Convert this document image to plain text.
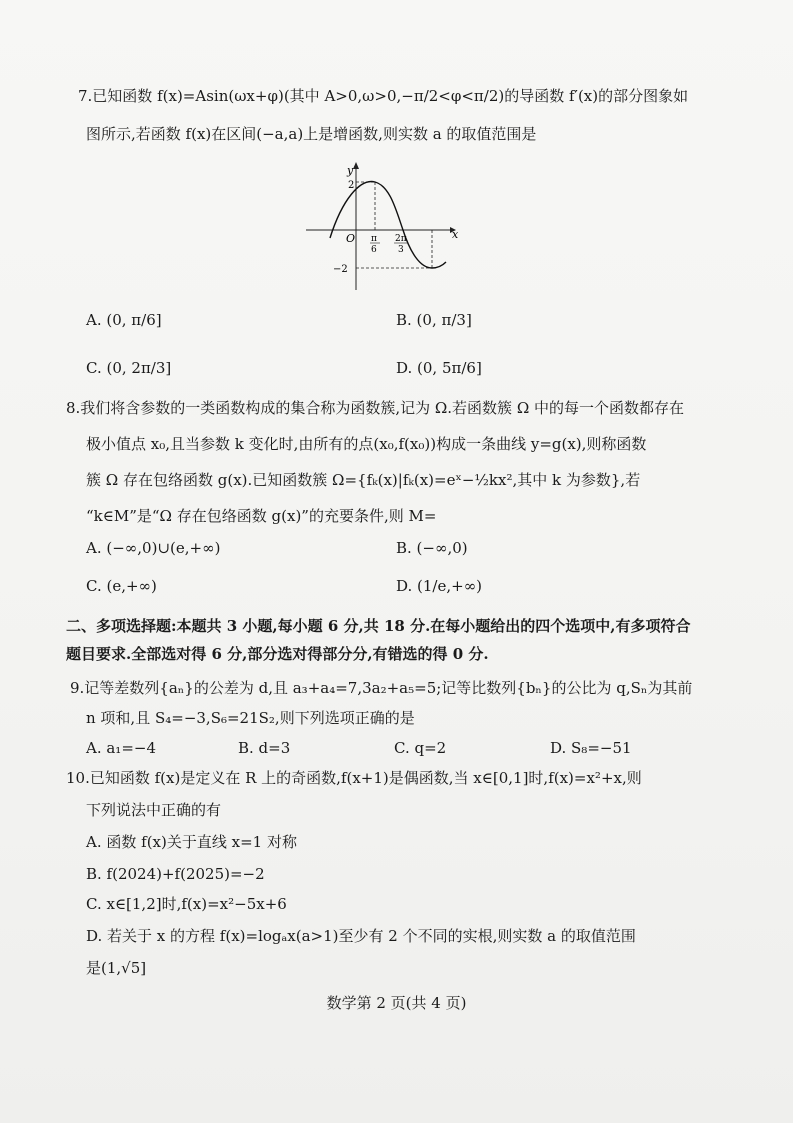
7.已知函数 f(x)=Asin(ωx+φ)(其中 A>0,ω>0,−π/2<φ<π/2)的导函数 f′(x)的部分图象如
图所示,若函数 f(x)在区间(−a,a)上是增函数,则实数 a 的取值范围是
y
2
x
O
−2
π
6
2π
3
A. (0, π/6]	B. (0, π/3]
C. (0, 2π/3]	D. (0, 5π/6]
8.我们将含参数的一类函数构成的集合称为函数簇,记为 Ω.若函数簇 Ω 中的每一个函数都存在
极小值点 x₀,且当参数 k 变化时,由所有的点(x₀,f(x₀))构成一条曲线 y=g(x),则称函数
簇 Ω 存在包络函数 g(x).已知函数簇 Ω={fₖ(x)|fₖ(x)=eˣ−½kx²,其中 k 为参数},若
“k∈M”是“Ω 存在包络函数 g(x)”的充要条件,则 M=
A. (−∞,0)∪(e,+∞)	B. (−∞,0)
C. (e,+∞)	D. (1/e,+∞)
二、多项选择题:本题共 3 小题,每小题 6 分,共 18 分.在每小题给出的四个选项中,有多项符合
题目要求.全部选对得 6 分,部分选对得部分分,有错选的得 0 分.
9.记等差数列{aₙ}的公差为 d,且 a₃+a₄=7,3a₂+a₅=5;记等比数列{bₙ}的公比为 q,Sₙ为其前
n 项和,且 S₄=−3,S₆=21S₂,则下列选项正确的是
A. a₁=−4	B. d=3	C. q=2	D. S₈=−51
10.已知函数 f(x)是定义在 R 上的奇函数,f(x+1)是偶函数,当 x∈[0,1]时,f(x)=x²+x,则
下列说法中正确的有
A. 函数 f(x)关于直线 x=1 对称
B. f(2024)+f(2025)=−2
C. x∈[1,2]时,f(x)=x²−5x+6
D. 若关于 x 的方程 f(x)=logₐx(a>1)至少有 2 个不同的实根,则实数 a 的取值范围
是(1,√5]
数学第 2 页(共 4 页)
